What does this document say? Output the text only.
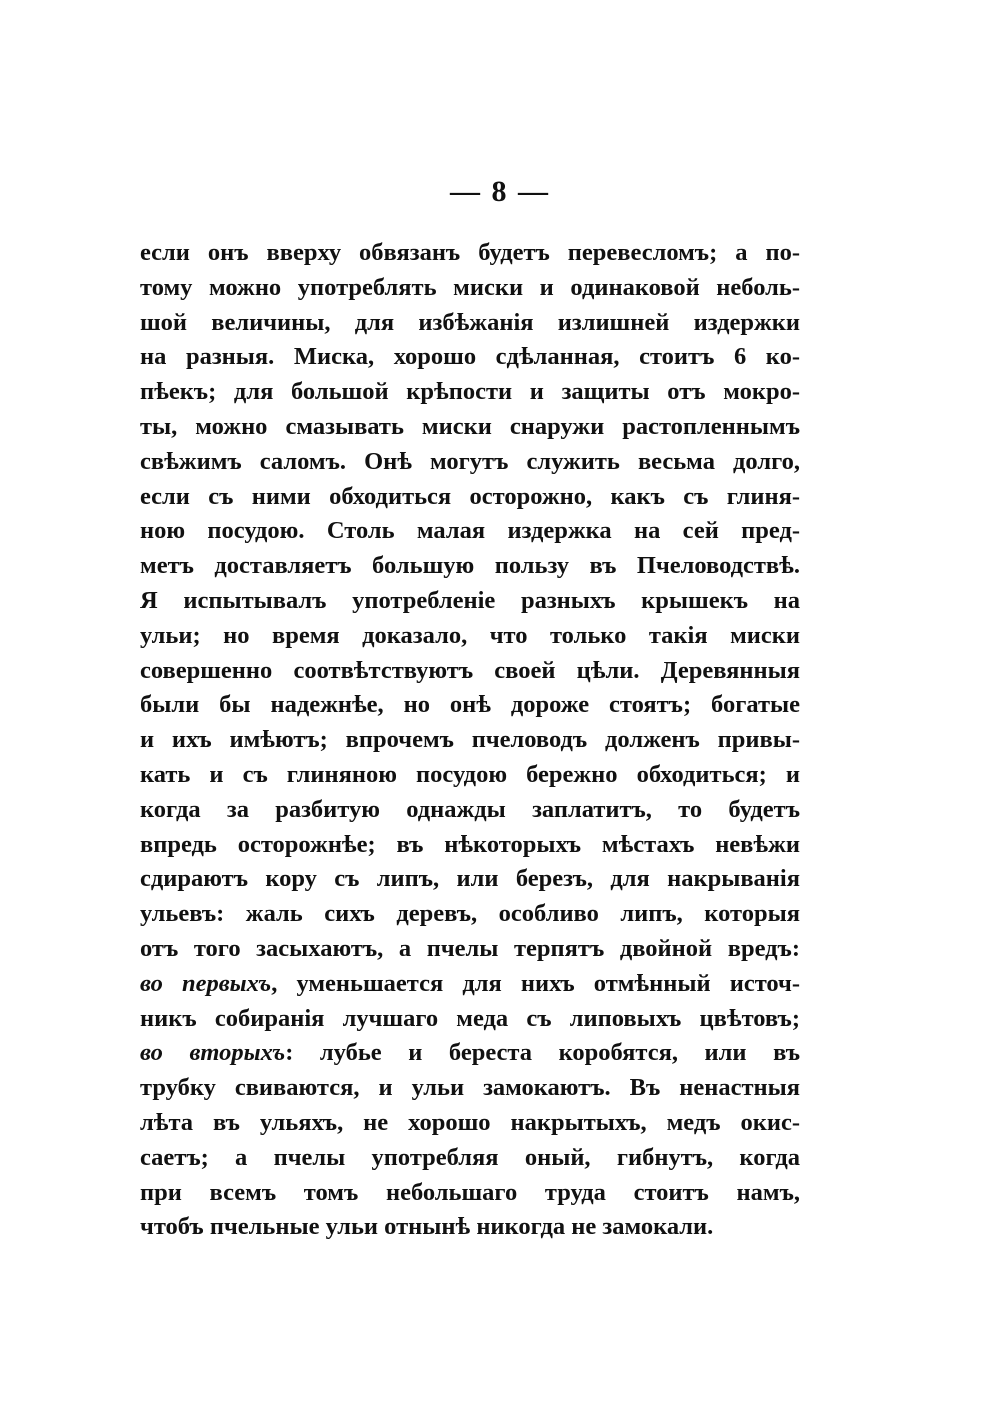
— 8 —
если онъ вверху обвязанъ будетъ перевесломъ; а по-
тому можно употреблять миски и одинаковой неболь-
шой величины, для избѣжанія излишней издержки
на разныя. Миска, хорошо сдѣланная, стоитъ 6 ко-
пѣекъ; для большой крѣпости и защиты отъ мокро-
ты, можно смазывать миски снаружи растопленнымъ
свѣжимъ саломъ. Онѣ могутъ служить весьма долго,
если съ ними обходиться осторожно, какъ съ глиня-
ною посудою. Столь малая издержка на сей пред-
метъ доставляетъ большую пользу въ Пчеловодствѣ.
Я испытывалъ употребленіе разныхъ крышекъ на
ульи; но время доказало, что только такія миски
совершенно соотвѣтствуютъ своей цѣли. Деревянныя
были бы надежнѣе, но онѣ дороже стоятъ; богатые
и ихъ имѣютъ; впрочемъ пчеловодъ долженъ привы-
кать и съ глиняною посудою бережно обходиться; и
когда за разбитую однажды заплатитъ, то будетъ
впредь осторожнѣе; въ нѣкоторыхъ мѣстахъ невѣжи
сдираютъ кору съ липъ, или березъ, для накрыванія
ульевъ: жаль сихъ деревъ, особливо липъ, которыя
отъ того засыхаютъ, а пчелы терпятъ двойной вредъ:
во первыхъ, уменьшается для нихъ отмѣнный источ-
никъ собиранія лучшаго меда съ липовыхъ цвѣтовъ;
во вторыхъ: лубье и береста коробятся, или въ
трубку свиваются, и ульи замокаютъ. Въ ненастныя
лѣта въ ульяхъ, не хорошо накрытыхъ, медъ окис-
саетъ; а пчелы употребляя оный, гибнутъ, когда
при всемъ томъ небольшаго труда стоитъ намъ,
чтобъ пчельные ульи отнынѣ никогда не замокали.
